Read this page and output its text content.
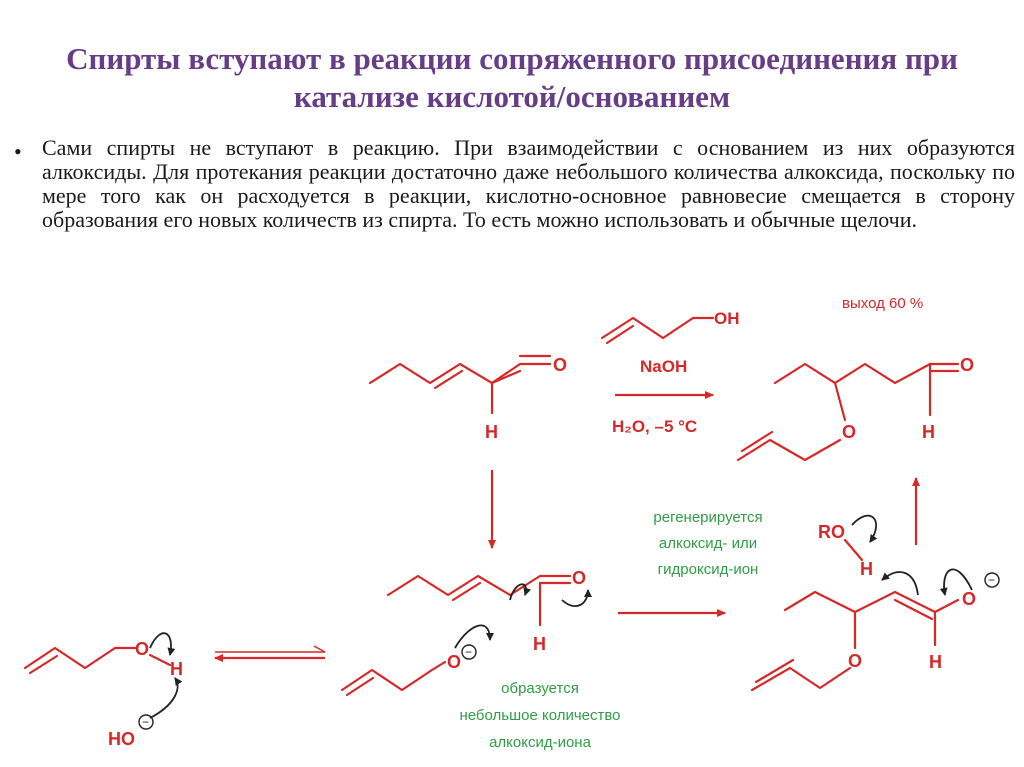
Спирты вступают в реакции сопряженного присоединения при катализе кислотой/основанием
• Сами спирты не вступают в реакцию. При взаимодействии с основанием из них образуются алкоксиды. Для протекания реакции достаточно даже небольшого количества алкоксида, поскольку по мере того как он расходуется в реакции, кислотно-основное равновесие смещается в сторону образования его новых количеств из спирта. То есть можно использовать и обычные щелочи.

OH
O
H
NaOH
H₂O, –5 °C
выход 60 %
O
O
H
O
H
HO
−
O
H
O −
образуется
небольшое количество
алкоксид-иона
регенерируется
алкоксид- или
гидроксид-ион
RO
H
O	H
O
−
